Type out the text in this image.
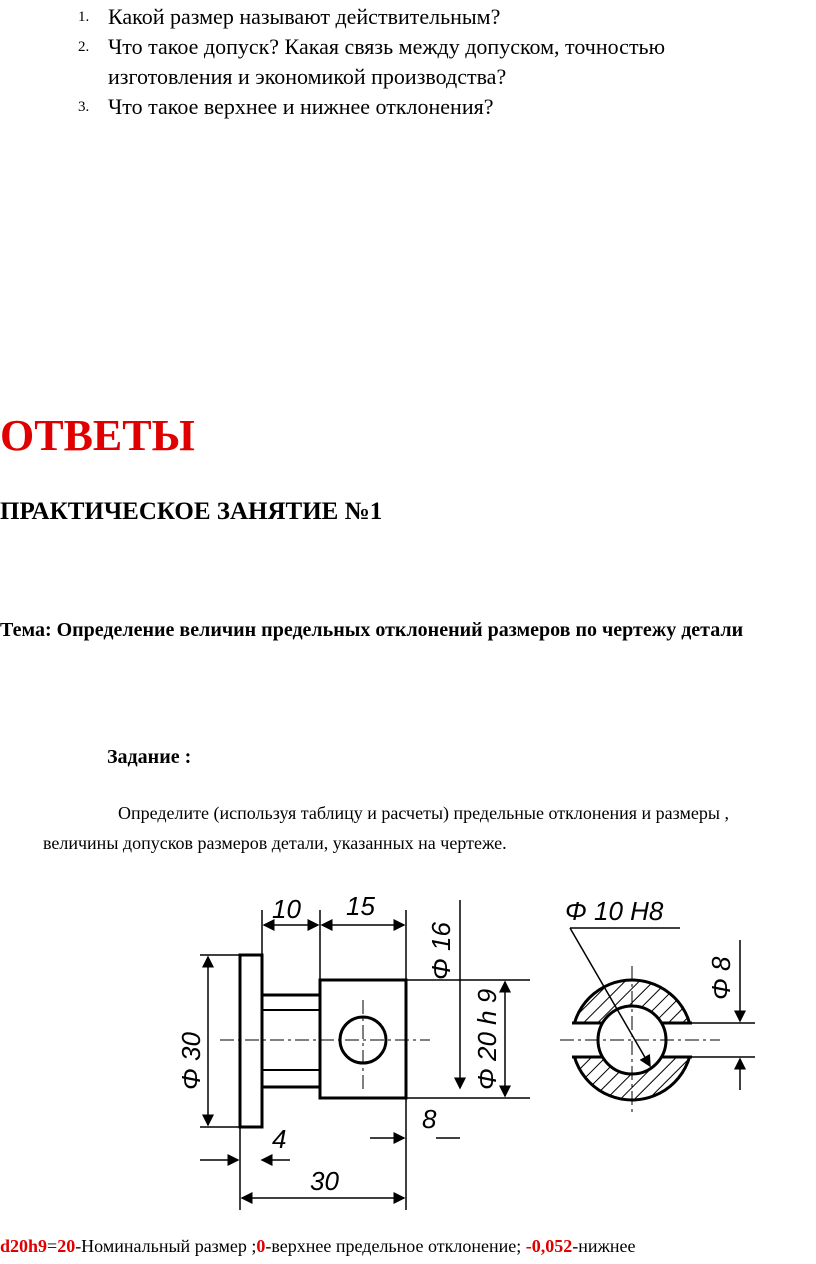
1. Какой размер называют действительным?
2. Что такое допуск? Какая связь между допуском, точностью изготовления и экономикой производства?
3. Что такое верхнее и нижнее отклонения?
ОТВЕТЫ
ПРАКТИЧЕСКОЕ ЗАНЯТИЕ №1
Тема: Определение величин предельных отклонений размеров по чертежу детали
Задание :
Определите (используя таблицу и расчеты) предельные отклонения и размеры , величины допусков размеров детали, указанных на чертеже.
10 15
Φ 16
Φ 30	Φ 20 h 9
4
8
30
Φ 10 H8
Φ 8
d20h9=20-Номинальный размер ;0-верхнее предельное отклонение; -0,052-нижнее
